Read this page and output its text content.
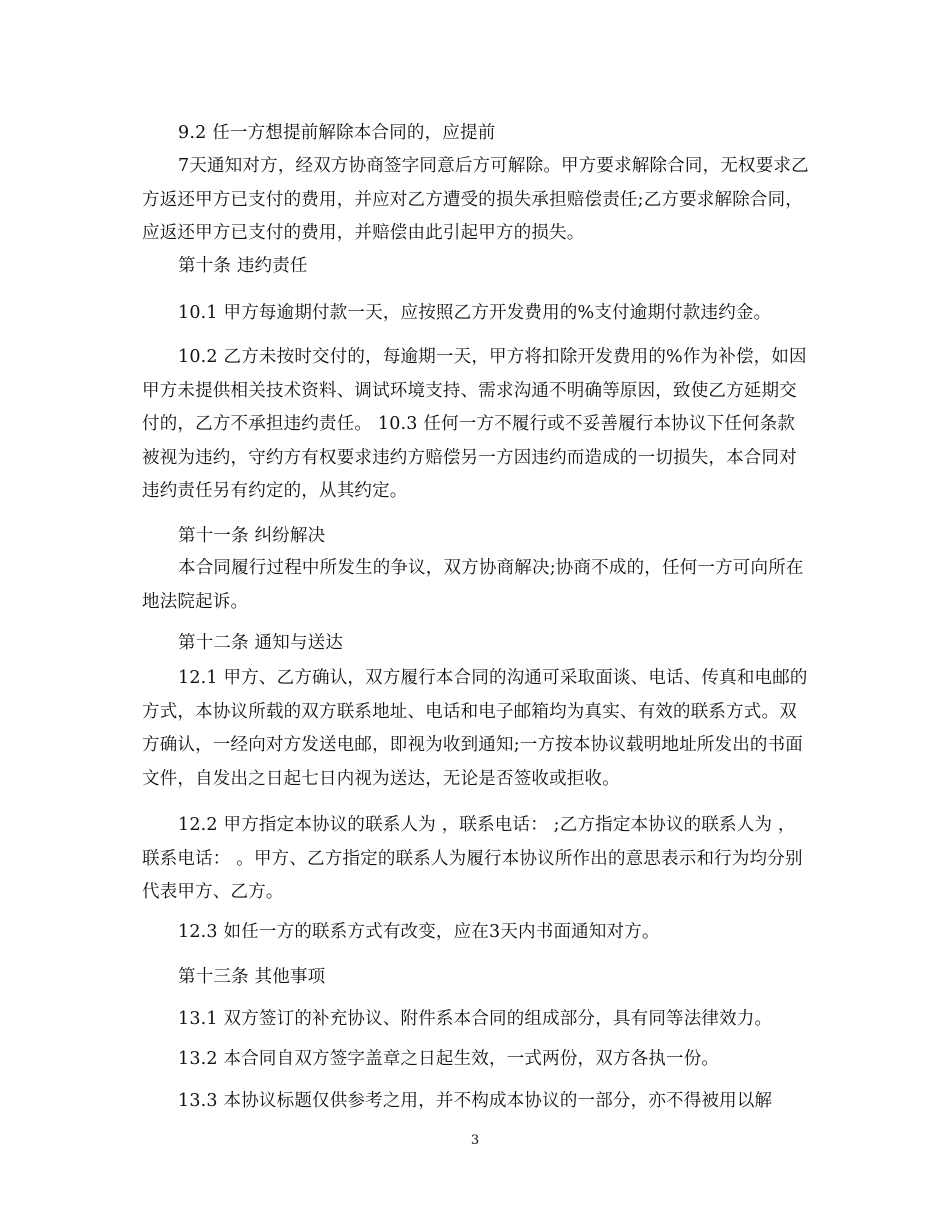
9.2 任一方想提前解除本合同的，应提前

7天通知对方，经双方协商签字同意后方可解除。甲方要求解除合同，无权要求乙方返还甲方已支付的费用，并应对乙方遭受的损失承担赔偿责任;乙方要求解除合同，应返还甲方已支付的费用，并赔偿由此引起甲方的损失。

第十条 违约责任

10.1 甲方每逾期付款一天，应按照乙方开发费用的%支付逾期付款违约金。

10.2 乙方未按时交付的，每逾期一天，甲方将扣除开发费用的%作为补偿，如因甲方未提供相关技术资料、调试环境支持、需求沟通不明确等原因，致使乙方延期交付的，乙方不承担违约责任。 10.3 任何一方不履行或不妥善履行本协议下任何条款被视为违约，守约方有权要求违约方赔偿另一方因违约而造成的一切损失，本合同对违约责任另有约定的，从其约定。

第十一条 纠纷解决

本合同履行过程中所发生的争议，双方协商解决;协商不成的，任何一方可向所在地法院起诉。

第十二条 通知与送达

12.1 甲方、乙方确认，双方履行本合同的沟通可采取面谈、电话、传真和电邮的方式，本协议所载的双方联系地址、电话和电子邮箱均为真实、有效的联系方式。双方确认，一经向对方发送电邮，即视为收到通知;一方按本协议载明地址所发出的书面文件，自发出之日起七日内视为送达，无论是否签收或拒收。

12.2 甲方指定本协议的联系人为 ，联系电话： ;乙方指定本协议的联系人为 ，联系电话： 。甲方、乙方指定的联系人为履行本协议所作出的意思表示和行为均分别代表甲方、乙方。

12.3 如任一方的联系方式有改变，应在3天内书面通知对方。

第十三条 其他事项

13.1 双方签订的补充协议、附件系本合同的组成部分，具有同等法律效力。

13.2 本合同自双方签字盖章之日起生效，一式两份，双方各执一份。

13.3 本协议标题仅供参考之用，并不构成本协议的一部分，亦不得被用以解

3
